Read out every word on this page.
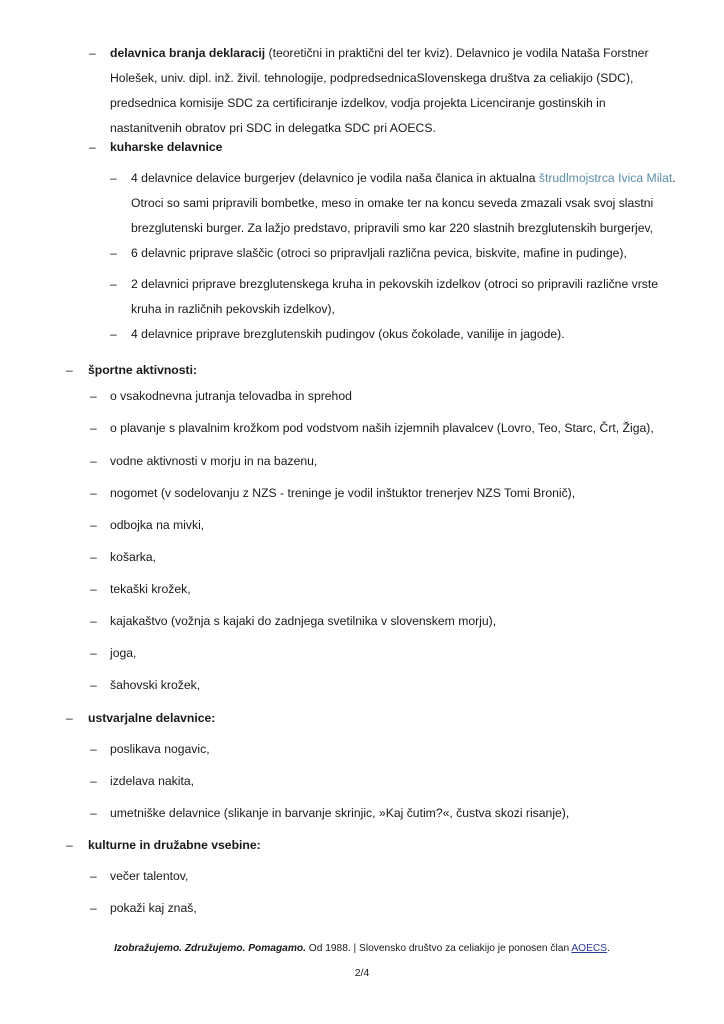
– delavnica branja deklaracij (teoretični in praktični del ter kviz). Delavnico je vodila Nataša Forstner
Holešek, univ. dipl. inž. živil. tehnologije, podpredsednicaSlovenskega društva za celiakijo (SDC),
predsednica komisije SDC za certificiranje izdelkov, vodja projekta Licenciranje gostinskih in
nastanitvenih obratov pri SDC in delegatka SDC pri AOECS.
– kuharske delavnice
– 4 delavnice delavice burgerjev (delavnico je vodila naša članica in aktualna štrudlmojstrca Ivica Milat.
Otroci so sami pripravili bombetke, meso in omake ter na koncu seveda zmazali vsak svoj slastni
brezglutenski burger. Za lažjo predstavo, pripravili smo kar 220 slastnih brezglutenskih burgerjev,
– 6 delavnic priprave slaščic (otroci so pripravljali različna pevica, biskvite, mafine in pudinge),
– 2 delavnici priprave brezglutenskega kruha in pekovskih izdelkov (otroci so pripravili različne vrste
kruha in različnih pekovskih izdelkov),
– 4 delavnice priprave brezglutenskih pudingov (okus čokolade, vanilije in jagode).
– športne aktivnosti:
– o vsakodnevna jutranja telovadba in sprehod
– o plavanje s plavalnim krožkom pod vodstvom naših izjemnih plavalcev (Lovro, Teo, Starc, Črt, Žiga),
– vodne aktivnosti v morju in na bazenu,
– nogomet (v sodelovanju z NZS - treninge je vodil inštuktor trenerjev NZS Tomi Bronič),
– odbojka na mivki,
– košarka,
– tekaški krožek,
– kajakaštvo (vožnja s kajaki do zadnjega svetilnika v slovenskem morju),
– joga,
– šahovski krožek,
– ustvarjalne delavnice:
– poslikava nogavic,
– izdelava nakita,
– umetniške delavnice (slikanje in barvanje skrinjic, »Kaj čutim?«, čustva skozi risanje),
– kulturne in družabne vsebine:
– večer talentov,
– pokaži kaj znaš,
Izobražujemo. Združujemo. Pomagamo. Od 1988. | Slovensko društvo za celiakijo je ponosen član AOECS.
2/4
